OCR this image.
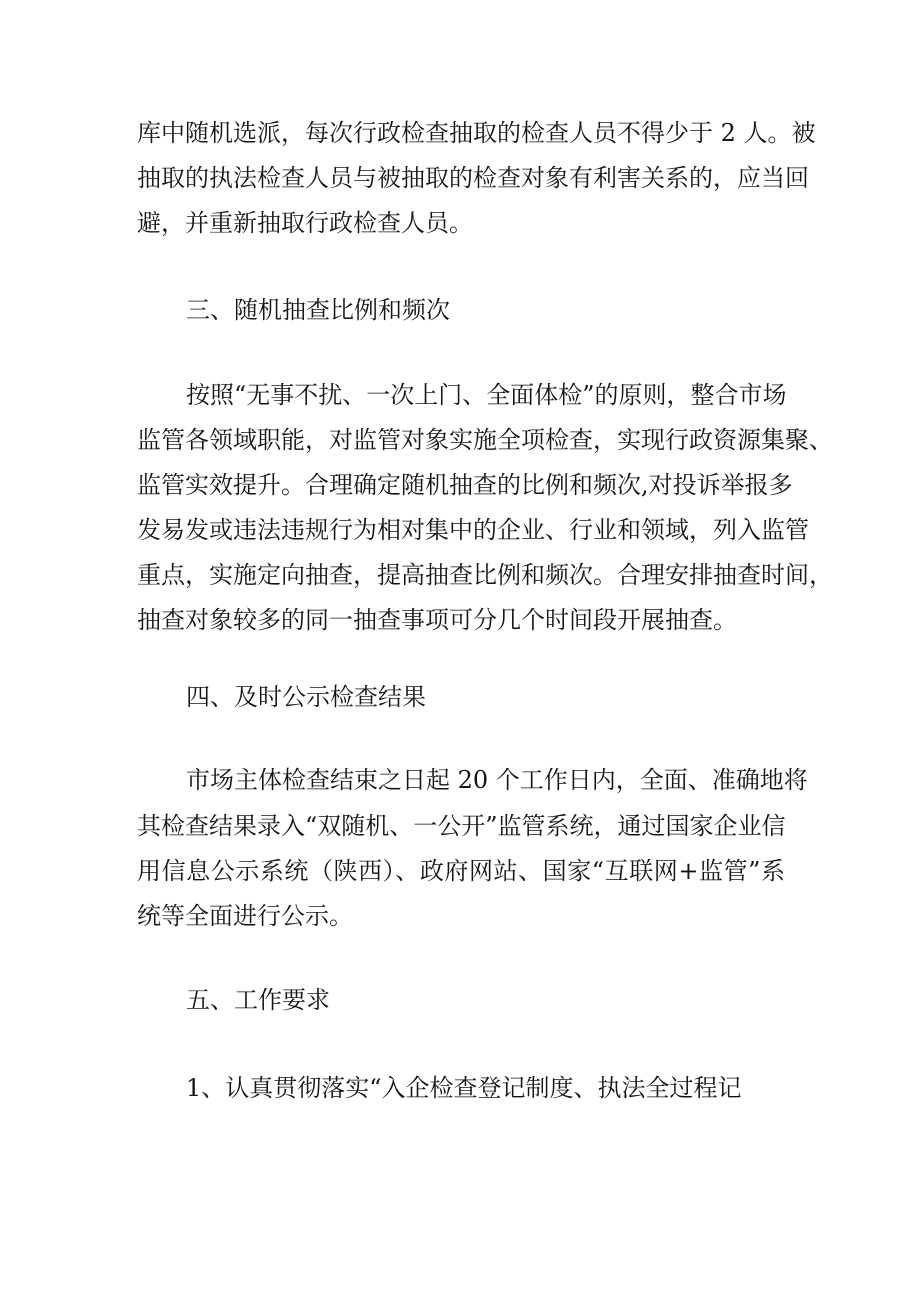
库中随机选派，每次行政检查抽取的检查人员不得少于 2 人。被
抽取的执法检查人员与被抽取的检查对象有利害关系的，应当回
避，并重新抽取行政检查人员。
三、随机抽查比例和频次
按照“无事不扰、一次上门、全面体检”的原则，整合市场
监管各领域职能，对监管对象实施全项检查，实现行政资源集聚、
监管实效提升。合理确定随机抽查的比例和频次,对投诉举报多
发易发或违法违规行为相对集中的企业、行业和领域，列入监管
重点，实施定向抽查，提高抽查比例和频次。合理安排抽查时间，
抽查对象较多的同一抽查事项可分几个时间段开展抽查。
四、及时公示检查结果
市场主体检查结束之日起 20 个工作日内，全面、准确地将
其检查结果录入“双随机、一公开”监管系统，通过国家企业信
用信息公示系统（陕西）、政府网站、国家“互联网+监管”系
统等全面进行公示。
五、工作要求
1、认真贯彻落实“入企检查登记制度、执法全过程记
